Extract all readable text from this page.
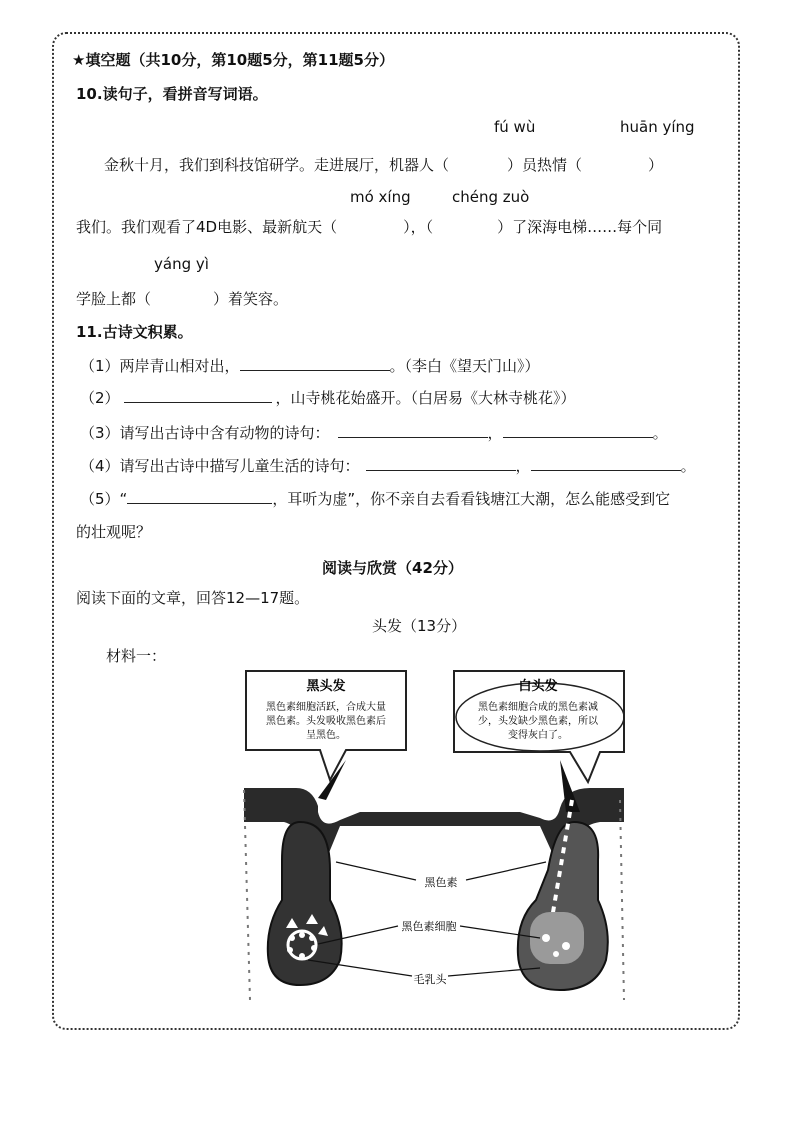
★填空题（共10分，第10题5分，第11题5分）
10.读句子，看拼音写词语。
fú wù	huān yíng
金秋十月，我们到科技馆研学。走进展厅，机器人（	）员热情（	）
mó xíng	chéng zuò
我们。我们观看了4D电影、最新航天（	），（	）了深海电梯……每个同
yáng yì
学脸上都（	）着笑容。
11.古诗文积累。
（1）两岸青山相对出，	。（李白《望天门山》）
（2）	，山寺桃花始盛开。（白居易《大林寺桃花》）
（3）请写出古诗中含有动物的诗句：	，	。
（4）请写出古诗中描写儿童生活的诗句：	，	。
（5）“	，耳听为虚”，你不亲自去看看钱塘江大潮，怎么能感受到它
的壮观呢？
阅读与欣赏（42分）
阅读下面的文章，回答12—17题。
头发（13分）
材料一：
黑头发
黑色素细胞活跃，合成大量
黑色素。头发吸收黑色素后
呈黑色。
白头发
黑色素细胞合成的黑色素减
少，头发缺少黑色素，所以
变得灰白了。
黑色素
黑色素细胞
毛乳头
